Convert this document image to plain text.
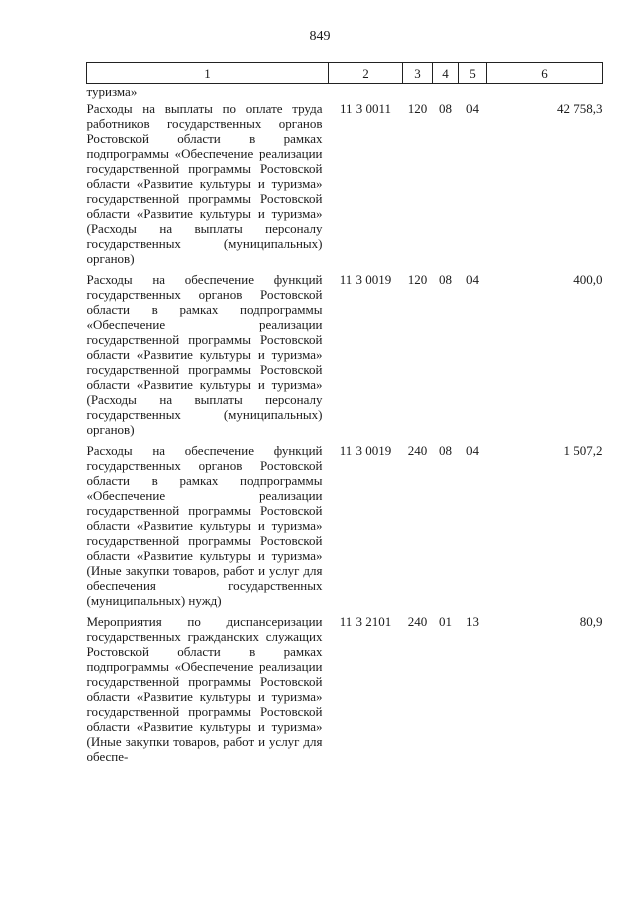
849
1	2	3	4	5	6
туризма»					
Расходы на выплаты по оплате труда работников государственных органов Ростовской области в рамках подпрограммы «Обеспечение реализации государственной программы Ростовской области «Развитие культуры и туризма» государственной программы Ростовской области «Развитие культуры и туризма» (Расходы на выплаты персоналу государственных (муниципальных) органов)	11 3 0011	120	08	04	42 758,3

Расходы на обеспечение функций государственных органов Ростовской области в рамках подпрограммы «Обеспечение реализации государственной программы Ростовской области «Развитие культуры и туризма» государственной программы Ростовской области «Развитие культуры и туризма» (Расходы на выплаты персоналу государственных (муниципальных) органов)	11 3 0019	120	08	04	400,0

Расходы на обеспечение функций государственных органов Ростовской области в рамках подпрограммы «Обеспечение реализации государственной программы Ростовской области «Развитие культуры и туризма» государственной программы Ростовской области «Развитие культуры и туризма» (Иные закупки товаров, работ и услуг для обеспечения государственных (муниципальных) нужд)	11 3 0019	240	08	04	1 507,2

Мероприятия по диспансеризации государственных гражданских служащих Ростовской области в рамках подпрограммы «Обеспечение реализации государственной программы Ростовской области «Развитие культуры и туризма» государственной программы Ростовской области «Развитие культуры и туризма» (Иные закупки товаров, работ и услуг для обеспе-	11 3 2101	240	01	13	80,9
